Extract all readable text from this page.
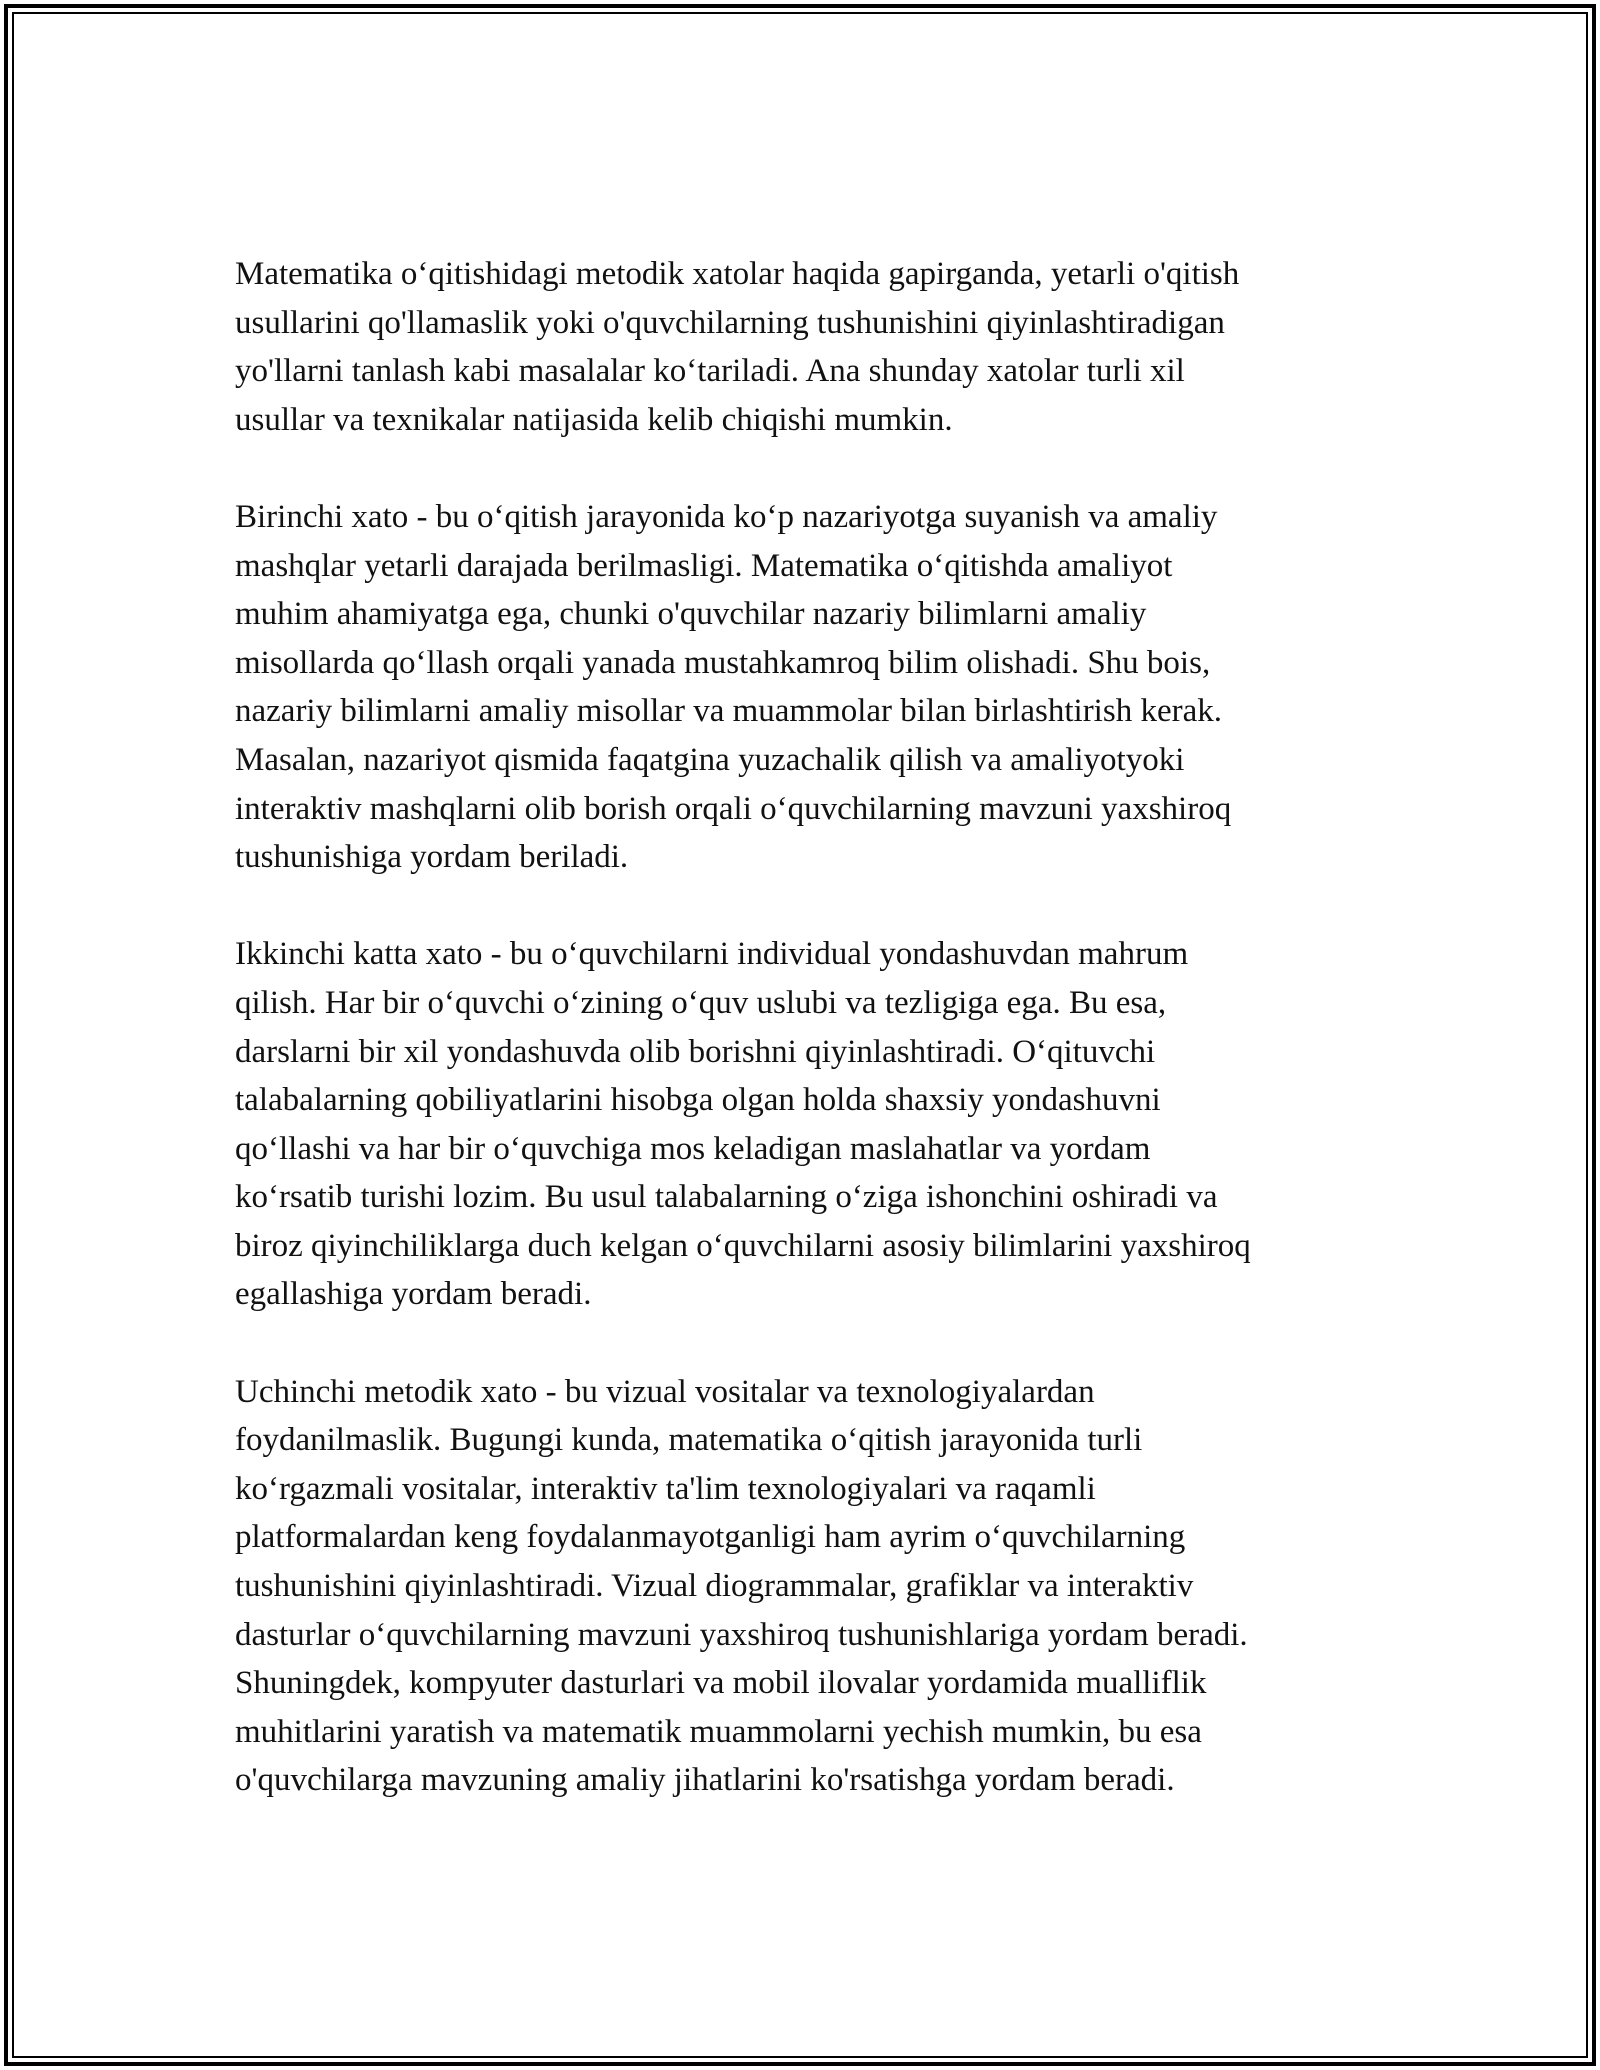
Matematika o‘qitishidagi metodik xatolar haqida gapirganda, yetarli o'qitish
usullarini qo'llamaslik yoki o'quvchilarning tushunishini qiyinlashtiradigan
yo'llarni tanlash kabi masalalar ko‘tariladi. Ana shunday xatolar turli xil
usullar va texnikalar natijasida kelib chiqishi mumkin.

Birinchi xato - bu o‘qitish jarayonida ko‘p nazariyotga suyanish va amaliy
mashqlar yetarli darajada berilmasligi. Matematika o‘qitishda amaliyot
muhim ahamiyatga ega, chunki o'quvchilar nazariy bilimlarni amaliy
misollarda qo‘llash orqali yanada mustahkamroq bilim olishadi. Shu bois,
nazariy bilimlarni amaliy misollar va muammolar bilan birlashtirish kerak.
Masalan, nazariyot qismida faqatgina yuzachalik qilish va amaliyotyoki
interaktiv mashqlarni olib borish orqali o‘quvchilarning mavzuni yaxshiroq
tushunishiga yordam beriladi.

Ikkinchi katta xato - bu o‘quvchilarni individual yondashuvdan mahrum
qilish. Har bir o‘quvchi o‘zining o‘quv uslubi va tezligiga ega. Bu esa,
darslarni bir xil yondashuvda olib borishni qiyinlashtiradi. O‘qituvchi
talabalarning qobiliyatlarini hisobga olgan holda shaxsiy yondashuvni
qo‘llashi va har bir o‘quvchiga mos keladigan maslahatlar va yordam
ko‘rsatib turishi lozim. Bu usul talabalarning o‘ziga ishonchini oshiradi va
biroz qiyinchiliklarga duch kelgan o‘quvchilarni asosiy bilimlarini yaxshiroq
egallashiga yordam beradi.

Uchinchi metodik xato - bu vizual vositalar va texnologiyalardan
foydanilmaslik. Bugungi kunda, matematika o‘qitish jarayonida turli
ko‘rgazmali vositalar, interaktiv ta'lim texnologiyalari va raqamli
platformalardan keng foydalanmayotganligi ham ayrim o‘quvchilarning
tushunishini qiyinlashtiradi. Vizual diogrammalar, grafiklar va interaktiv
dasturlar o‘quvchilarning mavzuni yaxshiroq tushunishlariga yordam beradi.
Shuningdek, kompyuter dasturlari va mobil ilovalar yordamida mualliflik
muhitlarini yaratish va matematik muammolarni yechish mumkin, bu esa
o'quvchilarga mavzuning amaliy jihatlarini ko'rsatishga yordam beradi.
